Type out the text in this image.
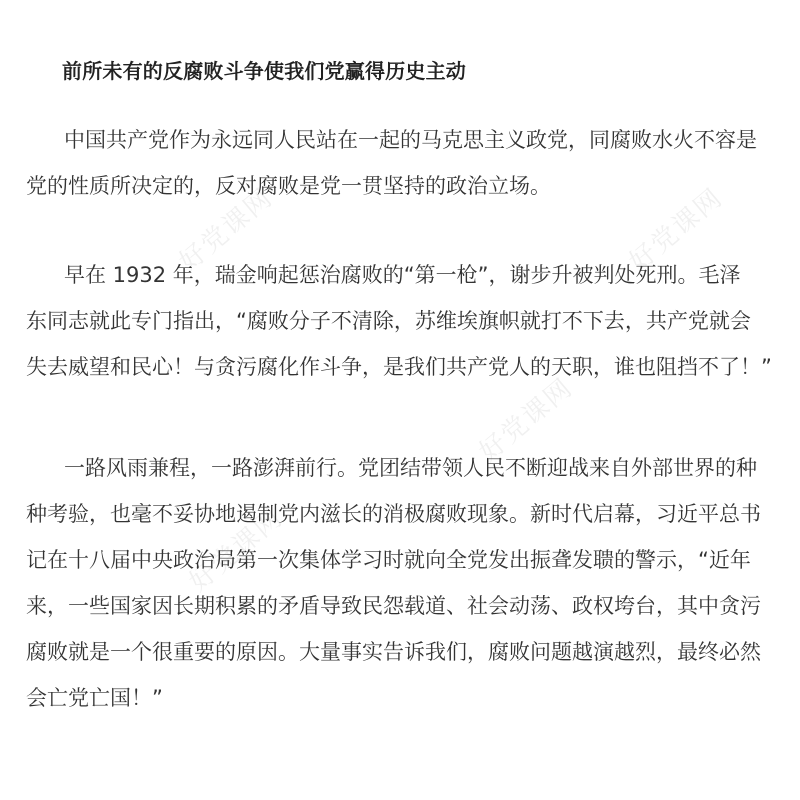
好党课网	好党课网
好党课网
好党课网
前所未有的反腐败斗争使我们党赢得历史主动
中国共产党作为永远同人民站在一起的马克思主义政党，同腐败水火不容是
党的性质所决定的，反对腐败是党一贯坚持的政治立场。
早在 1932 年，瑞金响起惩治腐败的“第一枪”，谢步升被判处死刑。毛泽
东同志就此专门指出，“腐败分子不清除，苏维埃旗帜就打不下去，共产党就会
失去威望和民心！与贪污腐化作斗争，是我们共产党人的天职，谁也阻挡不了！”
一路风雨兼程，一路澎湃前行。党团结带领人民不断迎战来自外部世界的种
种考验，也毫不妥协地遏制党内滋长的消极腐败现象。新时代启幕，习近平总书
记在十八届中央政治局第一次集体学习时就向全党发出振聋发聩的警示，“近年
来，一些国家因长期积累的矛盾导致民怨载道、社会动荡、政权垮台，其中贪污
腐败就是一个很重要的原因。大量事实告诉我们，腐败问题越演越烈，最终必然
会亡党亡国！”
